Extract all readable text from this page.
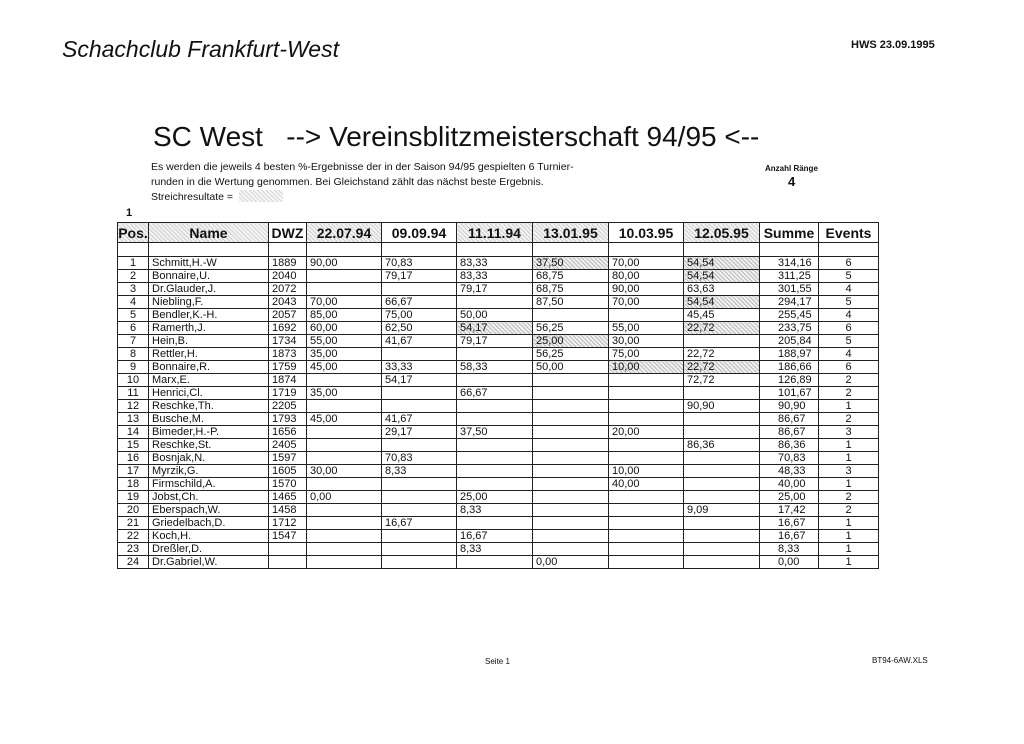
Schachclub Frankfurt-West	HWS 23.09.1995
SC West   --> Vereinsblitzmeisterschaft 94/95 <--
Es werden die jeweils 4 besten %-Ergebnisse der in der Saison 94/95 gespielten 6 Turnier-
runden in die Wertung genommen. Bei Gleichstand zählt das nächst beste Ergebnis.
Streichresultate =
Anzahl Ränge
4
1
Pos.	Name	DWZ	22.07.94	09.09.94	11.11.94	13.01.95	10.03.95	12.05.95	Summe	Events

1	Schmitt,H.-W	1889	90,00	70,83	83,33	37,50	70,00	54,54	314,16	6
2	Bonnaire,U.	2040		79,17	83,33	68,75	80,00	54,54	311,25	5
3	Dr.Glauder,J.	2072			79,17	68,75	90,00	63,63	301,55	4
4	Niebling,F.	2043	70,00	66,67		87,50	70,00	54,54	294,17	5
5	Bendler,K.-H.	2057	85,00	75,00	50,00			45,45	255,45	4
6	Ramerth,J.	1692	60,00	62,50	54,17	56,25	55,00	22,72	233,75	6
7	Hein,B.	1734	55,00	41,67	79,17	25,00	30,00		205,84	5
8	Rettler,H.	1873	35,00			56,25	75,00	22,72	188,97	4
9	Bonnaire,R.	1759	45,00	33,33	58,33	50,00	10,00	22,72	186,66	6
10	Marx,E.	1874		54,17				72,72	126,89	2
11	Henrici,Cl.	1719	35,00		66,67				101,67	2
12	Reschke,Th.	2205						90,90	90,90	1
13	Busche,M.	1793	45,00	41,67					86,67	2
14	Bimeder,H.-P.	1656		29,17	37,50		20,00		86,67	3
15	Reschke,St.	2405						86,36	86,36	1
16	Bosnjak,N.	1597		70,83					70,83	1
17	Myrzik,G.	1605	30,00	8,33			10,00		48,33	3
18	Firmschild,A.	1570					40,00		40,00	1
19	Jobst,Ch.	1465	0,00		25,00				25,00	2
20	Eberspach,W.	1458			8,33			9,09	17,42	2
21	Griedelbach,D.	1712		16,67					16,67	1
22	Koch,H.	1547			16,67				16,67	1
23	Dreßler,D.				8,33				8,33	1
24	Dr.Gabriel,W.					0,00			0,00	1
Seite 1	BT94-6AW.XLS
